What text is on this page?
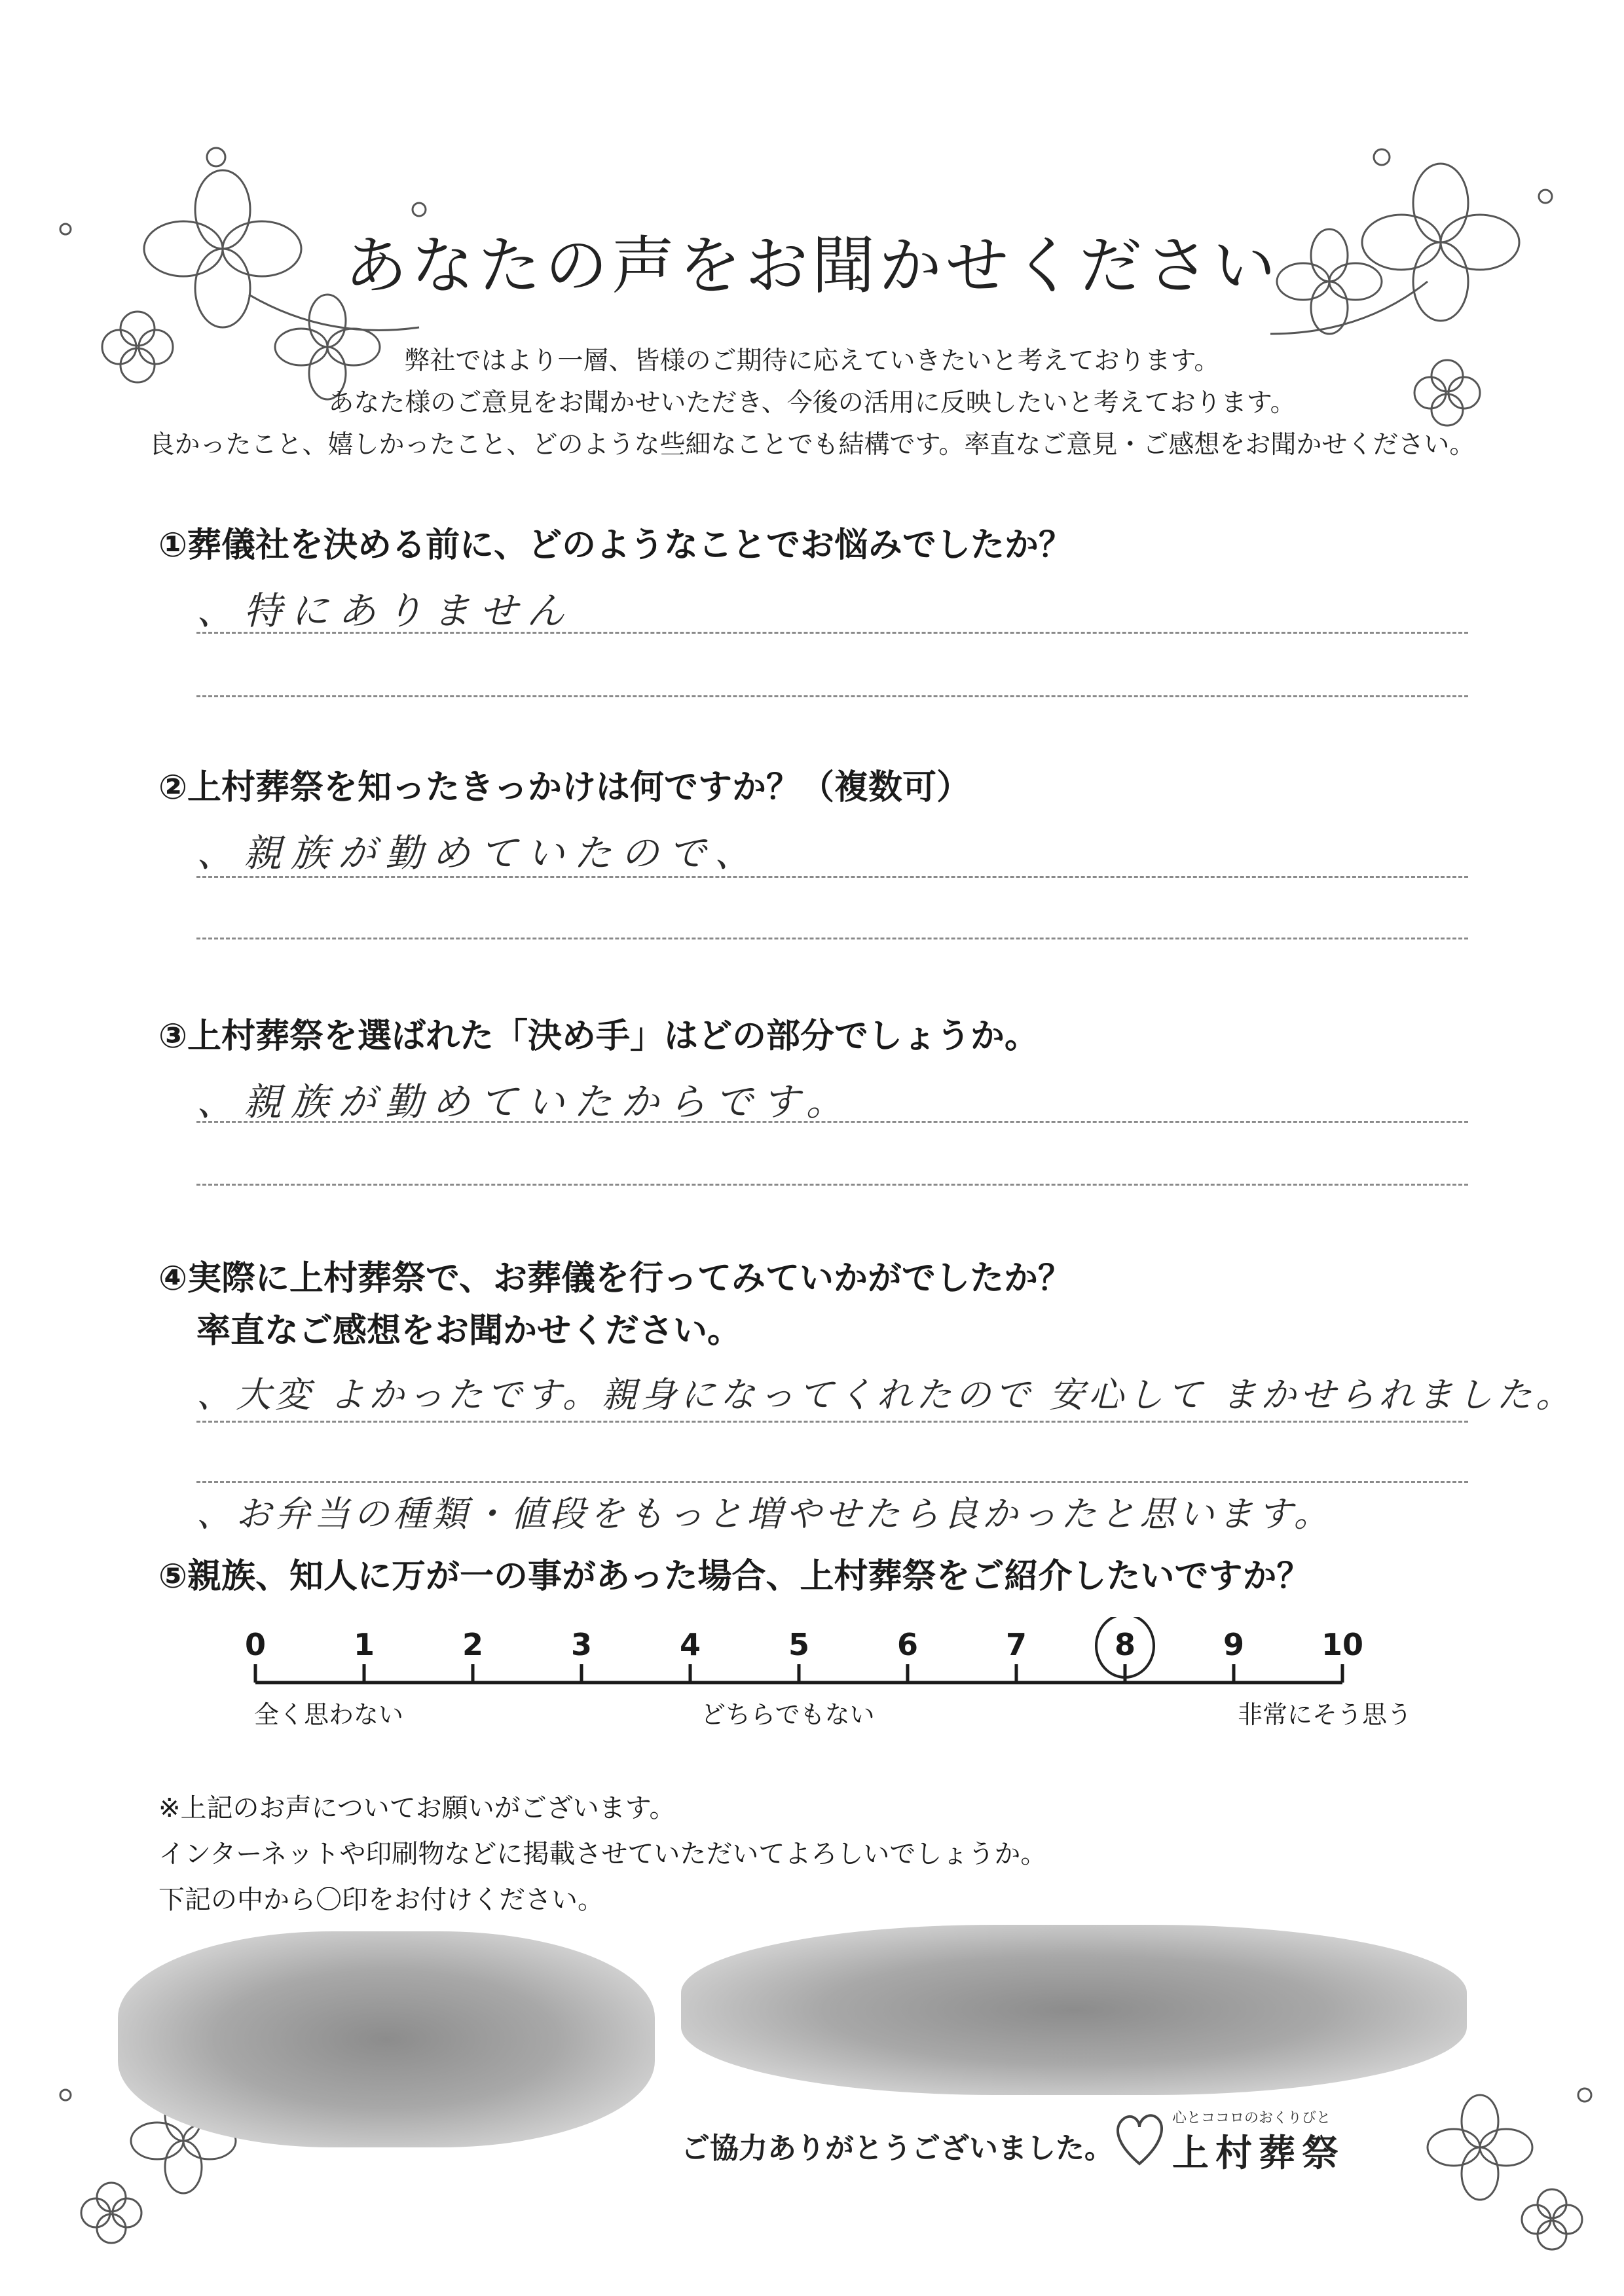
あなたの声をお聞かせください
弊社ではより一層、皆様のご期待に応えていきたいと考えております。
あなた様のご意見をお聞かせいただき、今後の活用に反映したいと考えております。
良かったこと、嬉しかったこと、どのような些細なことでも結構です。率直なご意見・ご感想をお聞かせください。
①葬儀社を決める前に、どのようなことでお悩みでしたか？
、特にありません
②上村葬祭を知ったきっかけは何ですか？（複数可）
、親族が勤めていたので、
③上村葬祭を選ばれた「決め手」はどの部分でしょうか。
、親族が勤めていたからです。
④実際に上村葬祭で、お葬儀を行ってみていかがでしたか？
率直なご感想をお聞かせください。
、大変 よかったです。親身になってくれたので 安心して まかせられました。
、お弁当の種類・値段をもっと増やせたら良かったと思います。
⑤親族、知人に万が一の事があった場合、上村葬祭をご紹介したいですか？
0	1	2	3	4	5	6	7	8	9	10
全く思わない	どちらでもない	非常にそう思う
※上記のお声についてお願いがございます。
インターネットや印刷物などに掲載させていただいてよろしいでしょうか。
下記の中から〇印をお付けください。
ご協力ありがとうございました。
心とココロのおくりびと
上村葬祭
